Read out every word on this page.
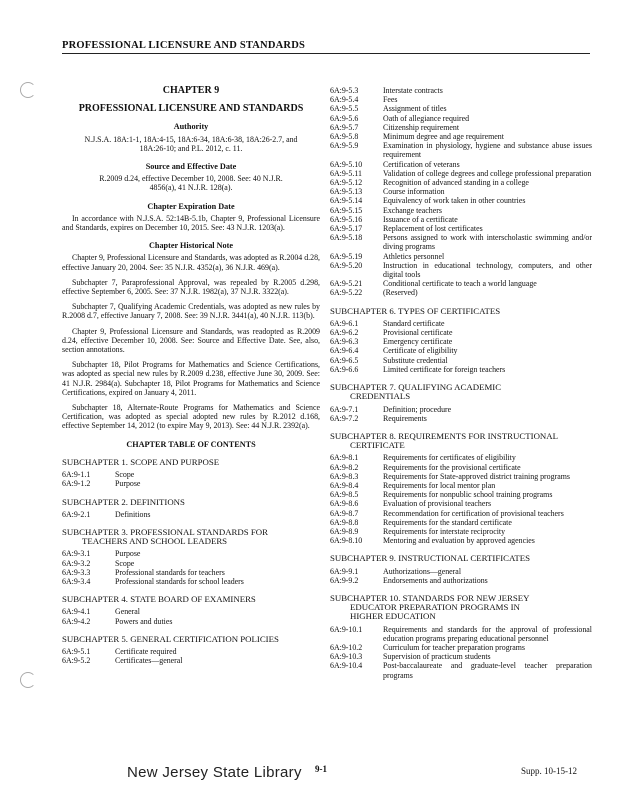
PROFESSIONAL LICENSURE AND STANDARDS
CHAPTER 9
PROFESSIONAL LICENSURE AND STANDARDS
Authority
N.J.S.A. 18A:1-1, 18A:4-15, 18A:6-34, 18A:6-38, 18A:26-2.7, and 18A:26-10; and P.L. 2012, c. 11.
Source and Effective Date
R.2009 d.24, effective December 10, 2008. See: 40 N.J.R. 4856(a), 41 N.J.R. 128(a).
Chapter Expiration Date

In accordance with N.J.S.A. 52:14B-5.1b, Chapter 9, Professional Licensure and Standards, expires on December 10, 2015. See: 43 N.J.R. 1203(a).

Chapter Historical Note

Chapter 9, Professional Licensure and Standards, was adopted as R.2004 d.28, effective January 20, 2004. See: 35 N.J.R. 4352(a), 36 N.J.R. 469(a).

Subchapter 7, Paraprofessional Approval, was repealed by R.2005 d.298, effective September 6, 2005. See: 37 N.J.R. 1982(a), 37 N.J.R. 3322(a).

Subchapter 7, Qualifying Academic Credentials, was adopted as new rules by R.2008 d.7, effective January 7, 2008. See: 39 N.J.R. 3441(a), 40 N.J.R. 113(b).

Chapter 9, Professional Licensure and Standards, was readopted as R.2009 d.24, effective December 10, 2008. See: Source and Effective Date. See, also, section annotations.

Subchapter 18, Pilot Programs for Mathematics and Science Certifications, was adopted as special new rules by R.2009 d.238, effective June 30, 2009. See: 41 N.J.R. 2984(a). Subchapter 18, Pilot Programs for Mathematics and Science Certifications, expired on January 4, 2011.

Subchapter 18, Alternate-Route Programs for Mathematics and Science Certification, was adopted as special adopted new rules by R.2012 d.168, effective September 14, 2012 (to expire May 9, 2013). See: 44 N.J.R. 2392(a).

CHAPTER TABLE OF CONTENTS
SUBCHAPTER 1. SCOPE AND PURPOSE
6A:9-1.1	Scope
6A:9-1.2	Purpose
SUBCHAPTER 2. DEFINITIONS
6A:9-2.1	Definitions
SUBCHAPTER 3. PROFESSIONAL STANDARDS FOR
TEACHERS AND SCHOOL LEADERS
6A:9-3.1	Purpose
6A:9-3.2	Scope
6A:9-3.3	Professional standards for teachers
6A:9-3.4	Professional standards for school leaders
SUBCHAPTER 4. STATE BOARD OF EXAMINERS
6A:9-4.1	General
6A:9-4.2	Powers and duties
SUBCHAPTER 5. GENERAL CERTIFICATION POLICIES
6A:9-5.1	Certificate required
6A:9-5.2	Certificates—general
6A:9-5.3	Interstate contracts
6A:9-5.4	Fees
6A:9-5.5	Assignment of titles
6A:9-5.6	Oath of allegiance required
6A:9-5.7	Citizenship requirement
6A:9-5.8	Minimum degree and age requirement
6A:9-5.9	Examination in physiology, hygiene and substance abuse issues requirement
6A:9-5.10	Certification of veterans
6A:9-5.11	Validation of college degrees and college professional preparation
6A:9-5.12	Recognition of advanced standing in a college
6A:9-5.13	Course information
6A:9-5.14	Equivalency of work taken in other countries
6A:9-5.15	Exchange teachers
6A:9-5.16	Issuance of a certificate
6A:9-5.17	Replacement of lost certificates
6A:9-5.18	Persons assigned to work with interscholastic swimming and/or diving programs
6A:9-5.19	Athletics personnel
6A:9-5.20	Instruction in educational technology, computers, and other digital tools
6A:9-5.21	Conditional certificate to teach a world language
6A:9-5.22	(Reserved)
SUBCHAPTER 6. TYPES OF CERTIFICATES
6A:9-6.1	Standard certificate
6A:9-6.2	Provisional certificate
6A:9-6.3	Emergency certificate
6A:9-6.4	Certificate of eligibility
6A:9-6.5	Substitute credential
6A:9-6.6	Limited certificate for foreign teachers
SUBCHAPTER 7. QUALIFYING ACADEMIC
CREDENTIALS
6A:9-7.1	Definition; procedure
6A:9-7.2	Requirements
SUBCHAPTER 8. REQUIREMENTS FOR INSTRUCTIONAL
CERTIFICATE
6A:9-8.1	Requirements for certificates of eligibility
6A:9-8.2	Requirements for the provisional certificate
6A:9-8.3	Requirements for State-approved district training programs
6A:9-8.4	Requirements for local mentor plan
6A:9-8.5	Requirements for nonpublic school training programs
6A:9-8.6	Evaluation of provisional teachers
6A:9-8.7	Recommendation for certification of provisional teachers
6A:9-8.8	Requirements for the standard certificate
6A:9-8.9	Requirements for interstate reciprocity
6A:9-8.10	Mentoring and evaluation by approved agencies
SUBCHAPTER 9. INSTRUCTIONAL CERTIFICATES
6A:9-9.1	Authorizations—general
6A:9-9.2	Endorsements and authorizations
SUBCHAPTER 10. STANDARDS FOR NEW JERSEY
EDUCATOR PREPARATION PROGRAMS IN
HIGHER EDUCATION
6A:9-10.1	Requirements and standards for the approval of professional education programs preparing educational personnel
6A:9-10.2	Curriculum for teacher preparation programs
6A:9-10.3	Supervision of practicum students
6A:9-10.4	Post-baccalaureate and graduate-level teacher preparation programs
New Jersey State Library 9-1	Supp. 10-15-12
